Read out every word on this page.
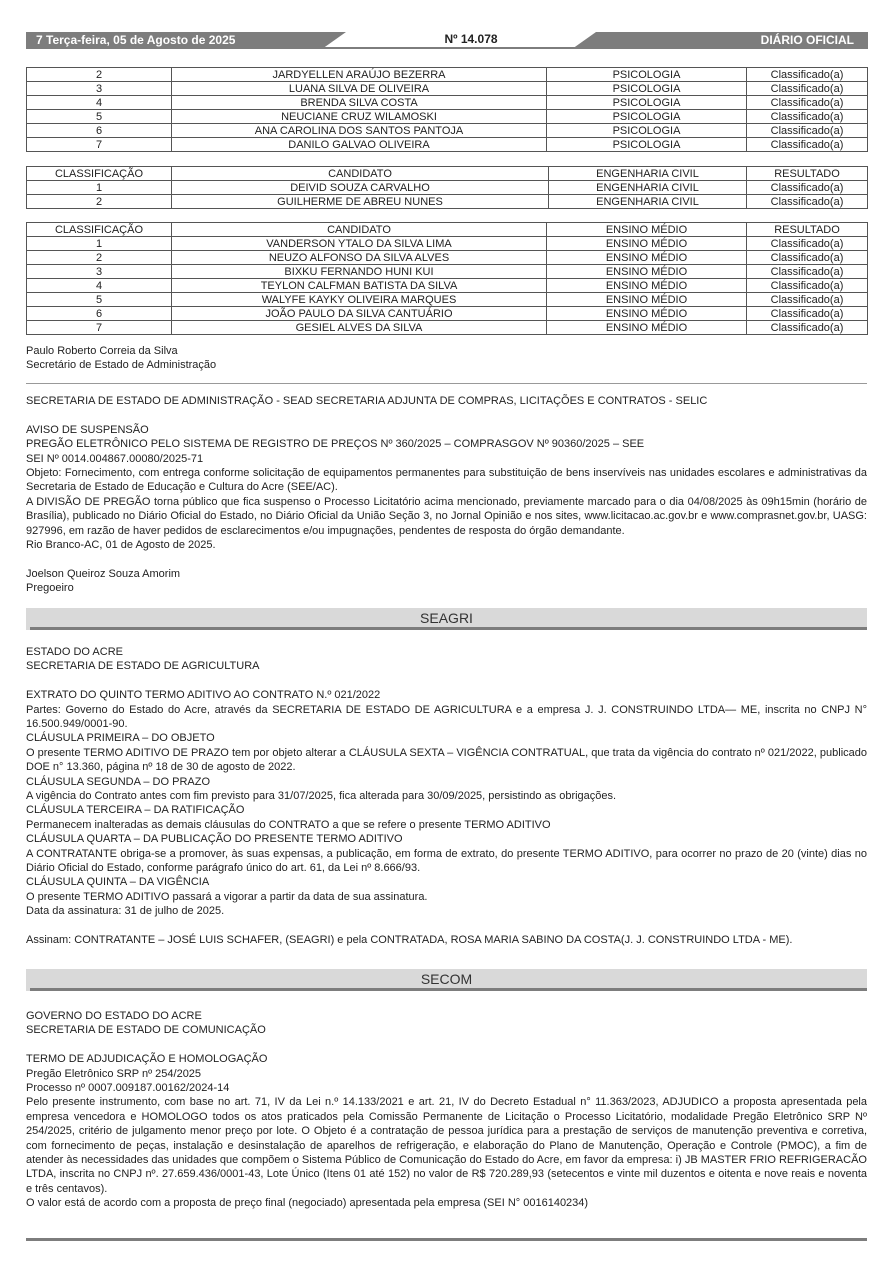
7 Terça-feira, 05 de Agosto de 2025	Nº 14.078	DIÁRIO OFICIAL
2	JARDYELLEN ARAÚJO BEZERRA	PSICOLOGIA	Classificado(a)
3	LUANA SILVA DE OLIVEIRA	PSICOLOGIA	Classificado(a)
4	BRENDA SILVA COSTA	PSICOLOGIA	Classificado(a)
5	NEUCIANE CRUZ WILAMOSKI	PSICOLOGIA	Classificado(a)
6	ANA CAROLINA DOS SANTOS PANTOJA	PSICOLOGIA	Classificado(a)
7	DANILO GALVAO OLIVEIRA	PSICOLOGIA	Classificado(a)
CLASSIFICAÇÃO	CANDIDATO	ENGENHARIA CIVIL	RESULTADO
1	DEIVID SOUZA CARVALHO	ENGENHARIA CIVIL	Classificado(a)
2	GUILHERME DE ABREU NUNES	ENGENHARIA CIVIL	Classificado(a)
CLASSIFICAÇÃO	CANDIDATO	ENSINO MÉDIO	RESULTADO
1	VANDERSON YTALO DA SILVA LIMA	ENSINO MÉDIO	Classificado(a)
2	NEUZO ALFONSO DA SILVA ALVES	ENSINO MÉDIO	Classificado(a)
3	BIXKU FERNANDO HUNI KUI	ENSINO MÉDIO	Classificado(a)
4	TEYLON CALFMAN BATISTA DA SILVA	ENSINO MÉDIO	Classificado(a)
5	WALYFE KAYKY OLIVEIRA MARQUES	ENSINO MÉDIO	Classificado(a)
6	JOÃO PAULO DA SILVA CANTUÁRIO	ENSINO MÉDIO	Classificado(a)
7	GESIEL ALVES DA SILVA	ENSINO MÉDIO	Classificado(a)

Paulo Roberto Correia da Silva

Secretário de Estado de Administração

SECRETARIA DE ESTADO DE ADMINISTRAÇÃO - SEAD SECRETARIA ADJUNTA DE COMPRAS, LICITAÇÕES E CONTRATOS - SELIC

AVISO DE SUSPENSÃO

PREGÃO ELETRÔNICO PELO SISTEMA DE REGISTRO DE PREÇOS Nº 360/2025 – COMPRASGOV Nº 90360/2025 – SEE

SEI Nº 0014.004867.00080/2025-71

Objeto: Fornecimento, com entrega conforme solicitação de equipamentos permanentes para substituição de bens inservíveis nas unidades escolares e administrativas da Secretaria de Estado de Educação e Cultura do Acre (SEE/AC).

A DIVISÃO DE PREGÃO torna público que fica suspenso o Processo Licitatório acima mencionado, previamente marcado para o dia 04/08/2025 às 09h15min (horário de Brasília), publicado no Diário Oficial do Estado, no Diário Oficial da União Seção 3, no Jornal Opinião e nos sites, www.licitacao.ac.gov.br e www.comprasnet.gov.br, UASG: 927996, em razão de haver pedidos de esclarecimentos e/ou impugnações, pendentes de resposta do órgão demandante.

Rio Branco-AC, 01 de Agosto de 2025.

Joelson Queiroz Souza Amorim

Pregoeiro

SEAGRI

ESTADO DO ACRE

SECRETARIA DE ESTADO DE AGRICULTURA

EXTRATO DO QUINTO TERMO ADITIVO AO CONTRATO N.º 021/2022

Partes: Governo do Estado do Acre, através da SECRETARIA DE ESTADO DE AGRICULTURA e a empresa J. J. CONSTRUINDO LTDA— ME, inscrita no CNPJ N° 16.500.949/0001-90.

CLÁUSULA PRIMEIRA – DO OBJETO

O presente TERMO ADITIVO DE PRAZO tem por objeto alterar a CLÁUSULA SEXTA – VIGÊNCIA CONTRATUAL, que trata da vigência do contrato nº 021/2022, publicado DOE n° 13.360, página nº 18 de 30 de agosto de 2022.

CLÁUSULA SEGUNDA – DO PRAZO

A vigência do Contrato antes com fim previsto para 31/07/2025, fica alterada para 30/09/2025, persistindo as obrigações.

CLÁUSULA TERCEIRA – DA RATIFICAÇÃO

Permanecem inalteradas as demais cláusulas do CONTRATO a que se refere o presente TERMO ADITIVO

CLÁUSULA QUARTA – DA PUBLICAÇÃO DO PRESENTE TERMO ADITIVO

A CONTRATANTE obriga-se a promover, às suas expensas, a publicação, em forma de extrato, do presente TERMO ADITIVO, para ocorrer no prazo de 20 (vinte) dias no Diário Oficial do Estado, conforme parágrafo único do art. 61, da Lei nº 8.666/93.

CLÁUSULA QUINTA – DA VIGÊNCIA

O presente TERMO ADITIVO passará a vigorar a partir da data de sua assinatura.

Data da assinatura: 31 de julho de 2025.

Assinam: CONTRATANTE – JOSÉ LUIS SCHAFER, (SEAGRI) e pela CONTRATADA, ROSA MARIA SABINO DA COSTA(J. J. CONSTRUINDO LTDA - ME).

SECOM

GOVERNO DO ESTADO DO ACRE

SECRETARIA DE ESTADO DE COMUNICAÇÃO

TERMO DE ADJUDICAÇÃO E HOMOLOGAÇÃO

Pregão Eletrônico SRP nº 254/2025

Processo nº 0007.009187.00162/2024-14

Pelo presente instrumento, com base no art. 71, IV da Lei n.º 14.133/2021 e art. 21, IV do Decreto Estadual n° 11.363/2023, ADJUDICO a proposta apresentada pela empresa vencedora e HOMOLOGO todos os atos praticados pela Comissão Permanente de Licitação o Processo Licitatório, modalidade Pregão Eletrônico SRP Nº 254/2025, critério de julgamento menor preço por lote. O Objeto é a contratação de pessoa jurídica para a prestação de serviços de manutenção preventiva e corretiva, com fornecimento de peças, instalação e desinstalação de aparelhos de refrigeração, e elaboração do Plano de Manutenção, Operação e Controle (PMOC), a fim de atender às necessidades das unidades que compõem o Sistema Público de Comunicação do Estado do Acre, em favor da empresa: i) JB MASTER FRIO REFRIGERACÃO LTDA, inscrita no CNPJ nº. 27.659.436/0001-43, Lote Único (Itens 01 até 152) no valor de R$ 720.289,93 (setecentos e vinte mil duzentos e oitenta e nove reais e noventa e três centavos).

O valor está de acordo com a proposta de preço final (negociado) apresentada pela empresa (SEI N° 0016140234)
